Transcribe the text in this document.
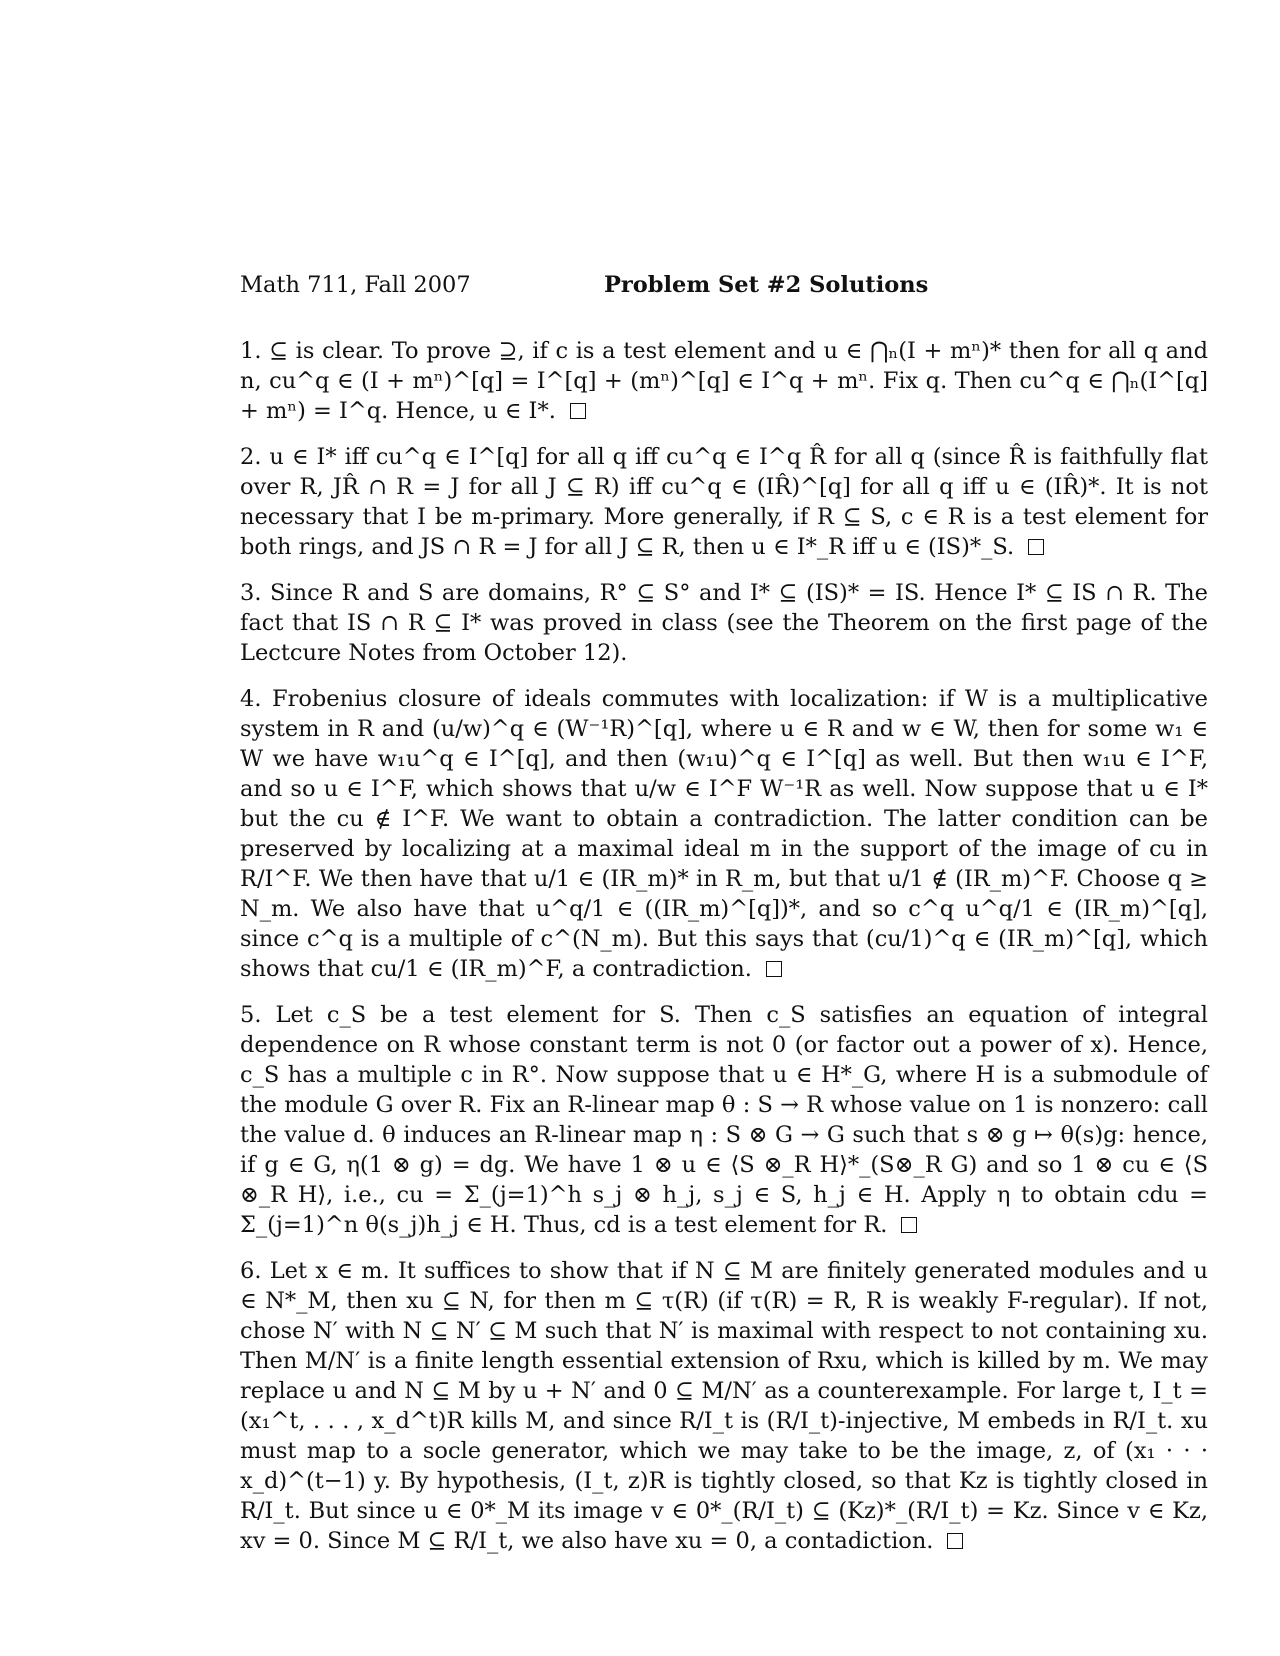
Math 711, Fall 2007	Problem Set #2 Solutions

1. ⊆ is clear. To prove ⊇, if c is a test element and u ∈ ⋂ₙ(I + mⁿ)* then for all q and n, cu^q ∈ (I + mⁿ)^[q] = I^[q] + (mⁿ)^[q] ∈ I^q + mⁿ. Fix q. Then cu^q ∈ ⋂ₙ(I^[q] + mⁿ) = I^q. Hence, u ∈ I*.

2. u ∈ I* iff cu^q ∈ I^[q] for all q iff cu^q ∈ I^q R̂ for all q (since R̂ is faithfully flat over R, JR̂ ∩ R = J for all J ⊆ R) iff cu^q ∈ (IR̂)^[q] for all q iff u ∈ (IR̂)*. It is not necessary that I be m-primary. More generally, if R ⊆ S, c ∈ R is a test element for both rings, and JS ∩ R = J for all J ⊆ R, then u ∈ I*_R iff u ∈ (IS)*_S.

3. Since R and S are domains, R° ⊆ S° and I* ⊆ (IS)* = IS. Hence I* ⊆ IS ∩ R. The fact that IS ∩ R ⊆ I* was proved in class (see the Theorem on the first page of the Lectcure Notes from October 12).

4. Frobenius closure of ideals commutes with localization: if W is a multiplicative system in R and (u/w)^q ∈ (W⁻¹R)^[q], where u ∈ R and w ∈ W, then for some w₁ ∈ W we have w₁u^q ∈ I^[q], and then (w₁u)^q ∈ I^[q] as well. But then w₁u ∈ I^F, and so u ∈ I^F, which shows that u/w ∈ I^F W⁻¹R as well. Now suppose that u ∈ I* but the cu ∉ I^F. We want to obtain a contradiction. The latter condition can be preserved by localizing at a maximal ideal m in the support of the image of cu in R/I^F. We then have that u/1 ∈ (IR_m)* in R_m, but that u/1 ∉ (IR_m)^F. Choose q ≥ N_m. We also have that u^q/1 ∈ ((IR_m)^[q])*, and so c^q u^q/1 ∈ (IR_m)^[q], since c^q is a multiple of c^(N_m). But this says that (cu/1)^q ∈ (IR_m)^[q], which shows that cu/1 ∈ (IR_m)^F, a contradiction.

5. Let c_S be a test element for S. Then c_S satisfies an equation of integral dependence on R whose constant term is not 0 (or factor out a power of x). Hence, c_S has a multiple c in R°. Now suppose that u ∈ H*_G, where H is a submodule of the module G over R. Fix an R-linear map θ : S → R whose value on 1 is nonzero: call the value d. θ induces an R-linear map η : S ⊗ G → G such that s ⊗ g ↦ θ(s)g: hence, if g ∈ G, η(1 ⊗ g) = dg. We have 1 ⊗ u ∈ ⟨S ⊗_R H⟩*_(S⊗_R G) and so 1 ⊗ cu ∈ ⟨S ⊗_R H⟩, i.e., cu = Σ_(j=1)^h s_j ⊗ h_j, s_j ∈ S, h_j ∈ H. Apply η to obtain cdu = Σ_(j=1)^n θ(s_j)h_j ∈ H. Thus, cd is a test element for R.

6. Let x ∈ m. It suffices to show that if N ⊆ M are finitely generated modules and u ∈ N*_M, then xu ⊆ N, for then m ⊆ τ(R) (if τ(R) = R, R is weakly F-regular). If not, chose N′ with N ⊆ N′ ⊆ M such that N′ is maximal with respect to not containing xu. Then M/N′ is a finite length essential extension of Rxu, which is killed by m. We may replace u and N ⊆ M by u + N′ and 0 ⊆ M/N′ as a counterexample. For large t, I_t = (x₁^t, . . . , x_d^t)R kills M, and since R/I_t is (R/I_t)-injective, M embeds in R/I_t. xu must map to a socle generator, which we may take to be the image, z, of (x₁ · · · x_d)^(t−1) y. By hypothesis, (I_t, z)R is tightly closed, so that Kz is tightly closed in R/I_t. But since u ∈ 0*_M its image v ∈ 0*_(R/I_t) ⊆ (Kz)*_(R/I_t) = Kz. Since v ∈ Kz, xv = 0. Since M ⊆ R/I_t, we also have xu = 0, a contadiction.
